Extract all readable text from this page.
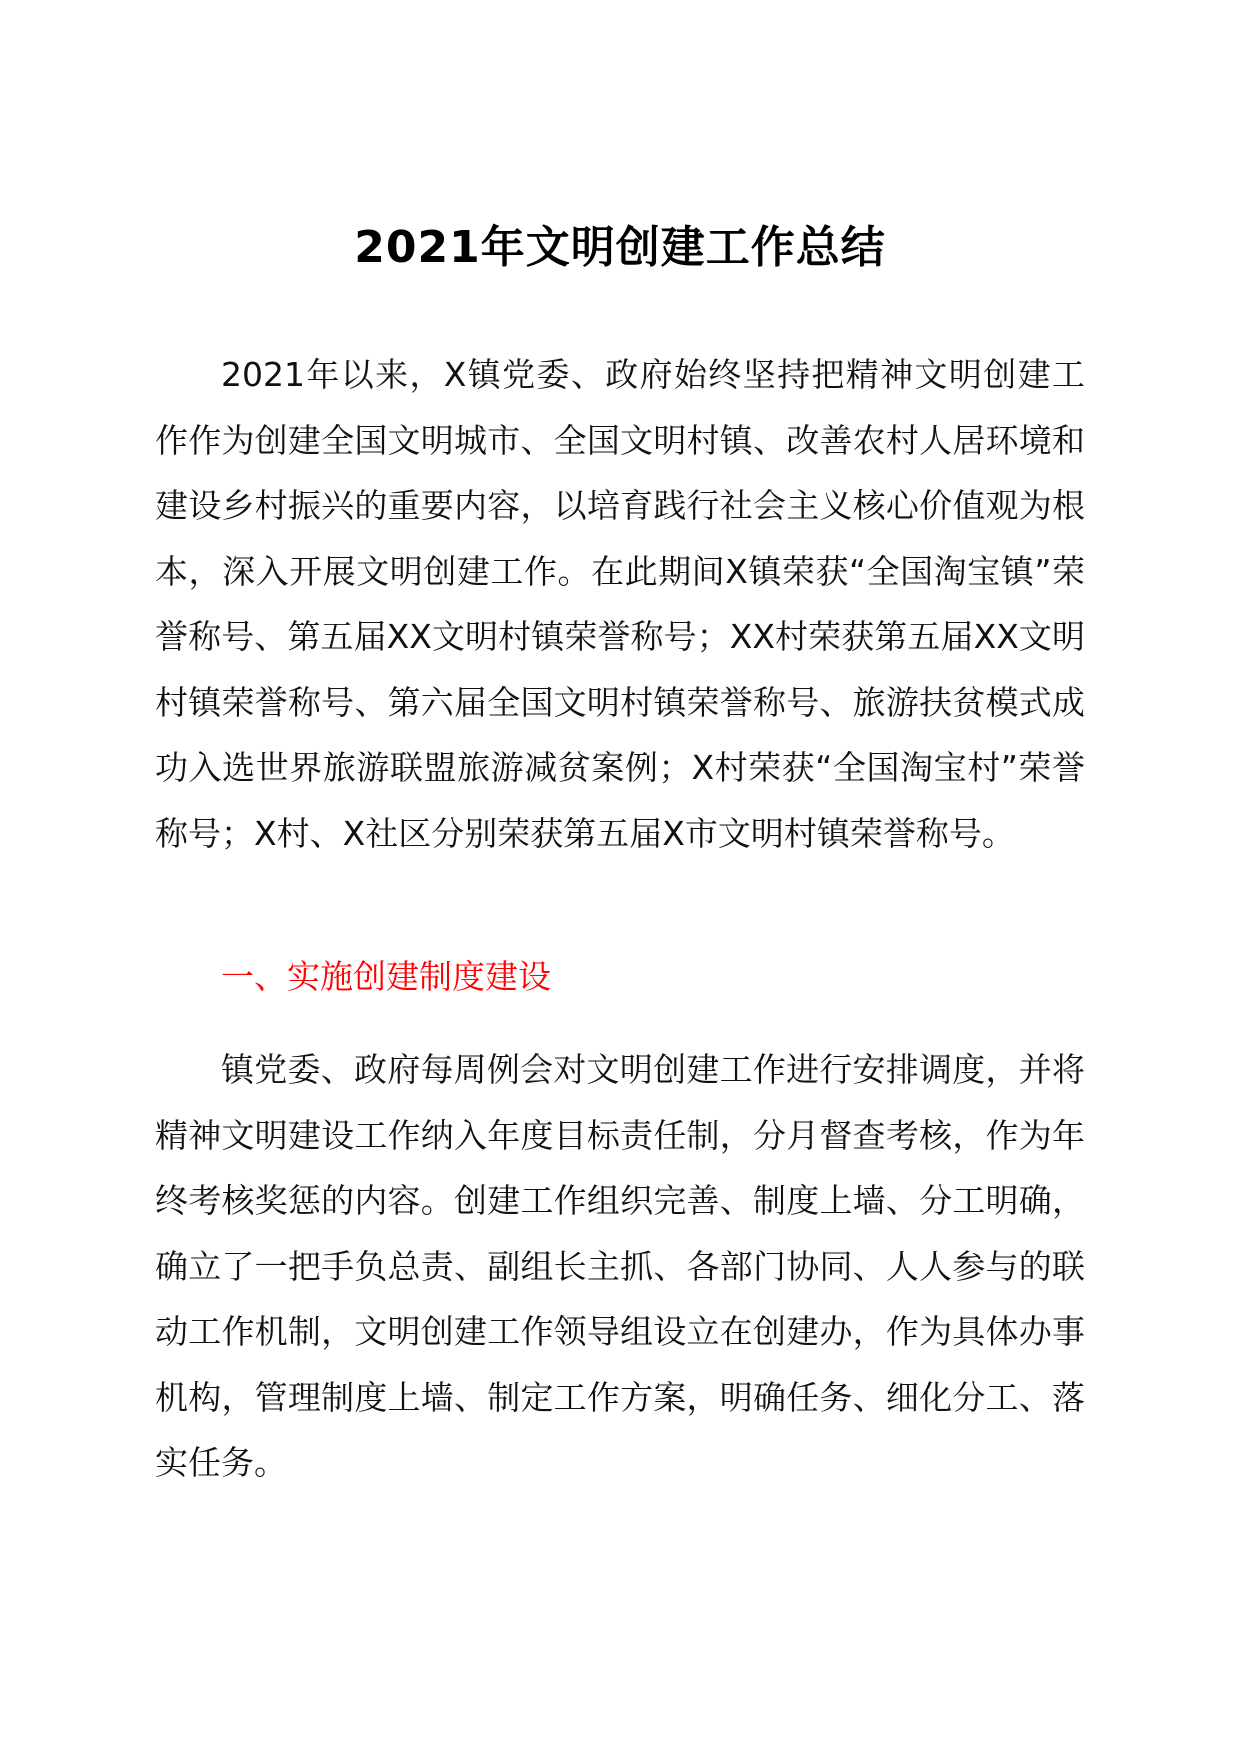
2021年文明创建工作总结

2021年以来，X镇党委、政府始终坚持把精神文明创建工作作为创建全国文明城市、全国文明村镇、改善农村人居环境和建设乡村振兴的重要内容，以培育践行社会主义核心价值观为根本，深入开展文明创建工作。在此期间X镇荣获“全国淘宝镇”荣誉称号、第五届XX文明村镇荣誉称号；XX村荣获第五届XX文明村镇荣誉称号、第六届全国文明村镇荣誉称号、旅游扶贫模式成功入选世界旅游联盟旅游减贫案例；X村荣获“全国淘宝村”荣誉称号；X村、X社区分别荣获第五届X市文明村镇荣誉称号。

一、实施创建制度建设

镇党委、政府每周例会对文明创建工作进行安排调度，并将精神文明建设工作纳入年度目标责任制，分月督查考核，作为年终考核奖惩的内容。创建工作组织完善、制度上墙、分工明确，确立了一把手负总责、副组长主抓、各部门协同、人人参与的联动工作机制，文明创建工作领导组设立在创建办，作为具体办事机构，管理制度上墙、制定工作方案，明确任务、细化分工、落实任务。
